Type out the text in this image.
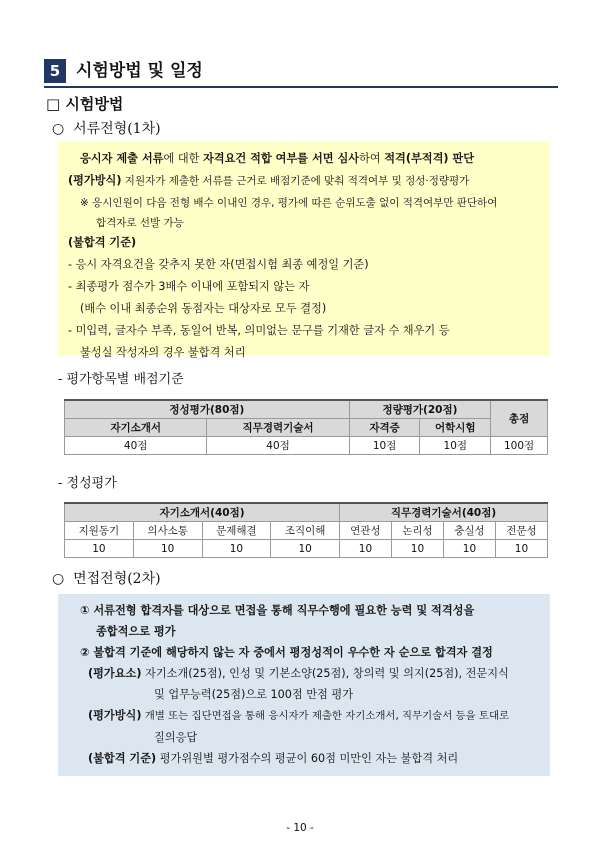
5 시험방법 및 일정
□ 시험방법
○ 서류전형(1차)
응시자 제출 서류에 대한 자격요건 적합 여부를 서면 심사하여 적격(부적격) 판단
(평가방식) 지원자가 제출한 서류를 근거로 배점기준에 맞춰 적격여부 및 정성·정량평가
※ 응시인원이 다음 전형 배수 이내인 경우, 평가에 따른 순위도출 없이 적격여부만 판단하여
합격자로 선발 가능
(불합격 기준)
- 응시 자격요건을 갖추지 못한 자(면접시험 최종 예정일 기준)
- 최종평가 점수가 3배수 이내에 포함되지 않는 자
(배수 이내 최종순위 동점자는 대상자로 모두 결정)
- 미입력, 글자수 부족, 동일어 반복, 의미없는 문구를 기재한 글자 수 채우기 등
불성실 작성자의 경우 불합격 처리
- 평가항목별 배점기준
정성평가(80점)		정량평가(20점)		총점
자기소개서	직무경력기술서	자격증	어학시험	
40점	40점	10점	10점	100점
- 정성평가
자기소개서(40점)				직무경력기술서(40점)			
지원동기	의사소통	문제해결	조직이해	연관성	논리성	충실성	전문성
10	10	10	10	10	10	10	10
○ 면접전형(2차)
① 서류전형 합격자를 대상으로 면접을 통해 직무수행에 필요한 능력 및 적격성을
종합적으로 평가
② 불합격 기준에 해당하지 않는 자 중에서 평정성적이 우수한 자 순으로 합격자 결정
(평가요소) 자기소개(25점), 인성 및 기본소양(25점), 창의력 및 의지(25점), 전문지식
및 업무능력(25점)으로 100점 만점 평가
(평가방식) 개별 또는 집단면접을 통해 응시자가 제출한 자기소개서, 직무기술서 등을 토대로
질의응답
(불합격 기준) 평가위원별 평가점수의 평균이 60점 미만인 자는 불합격 처리
- 10 -
